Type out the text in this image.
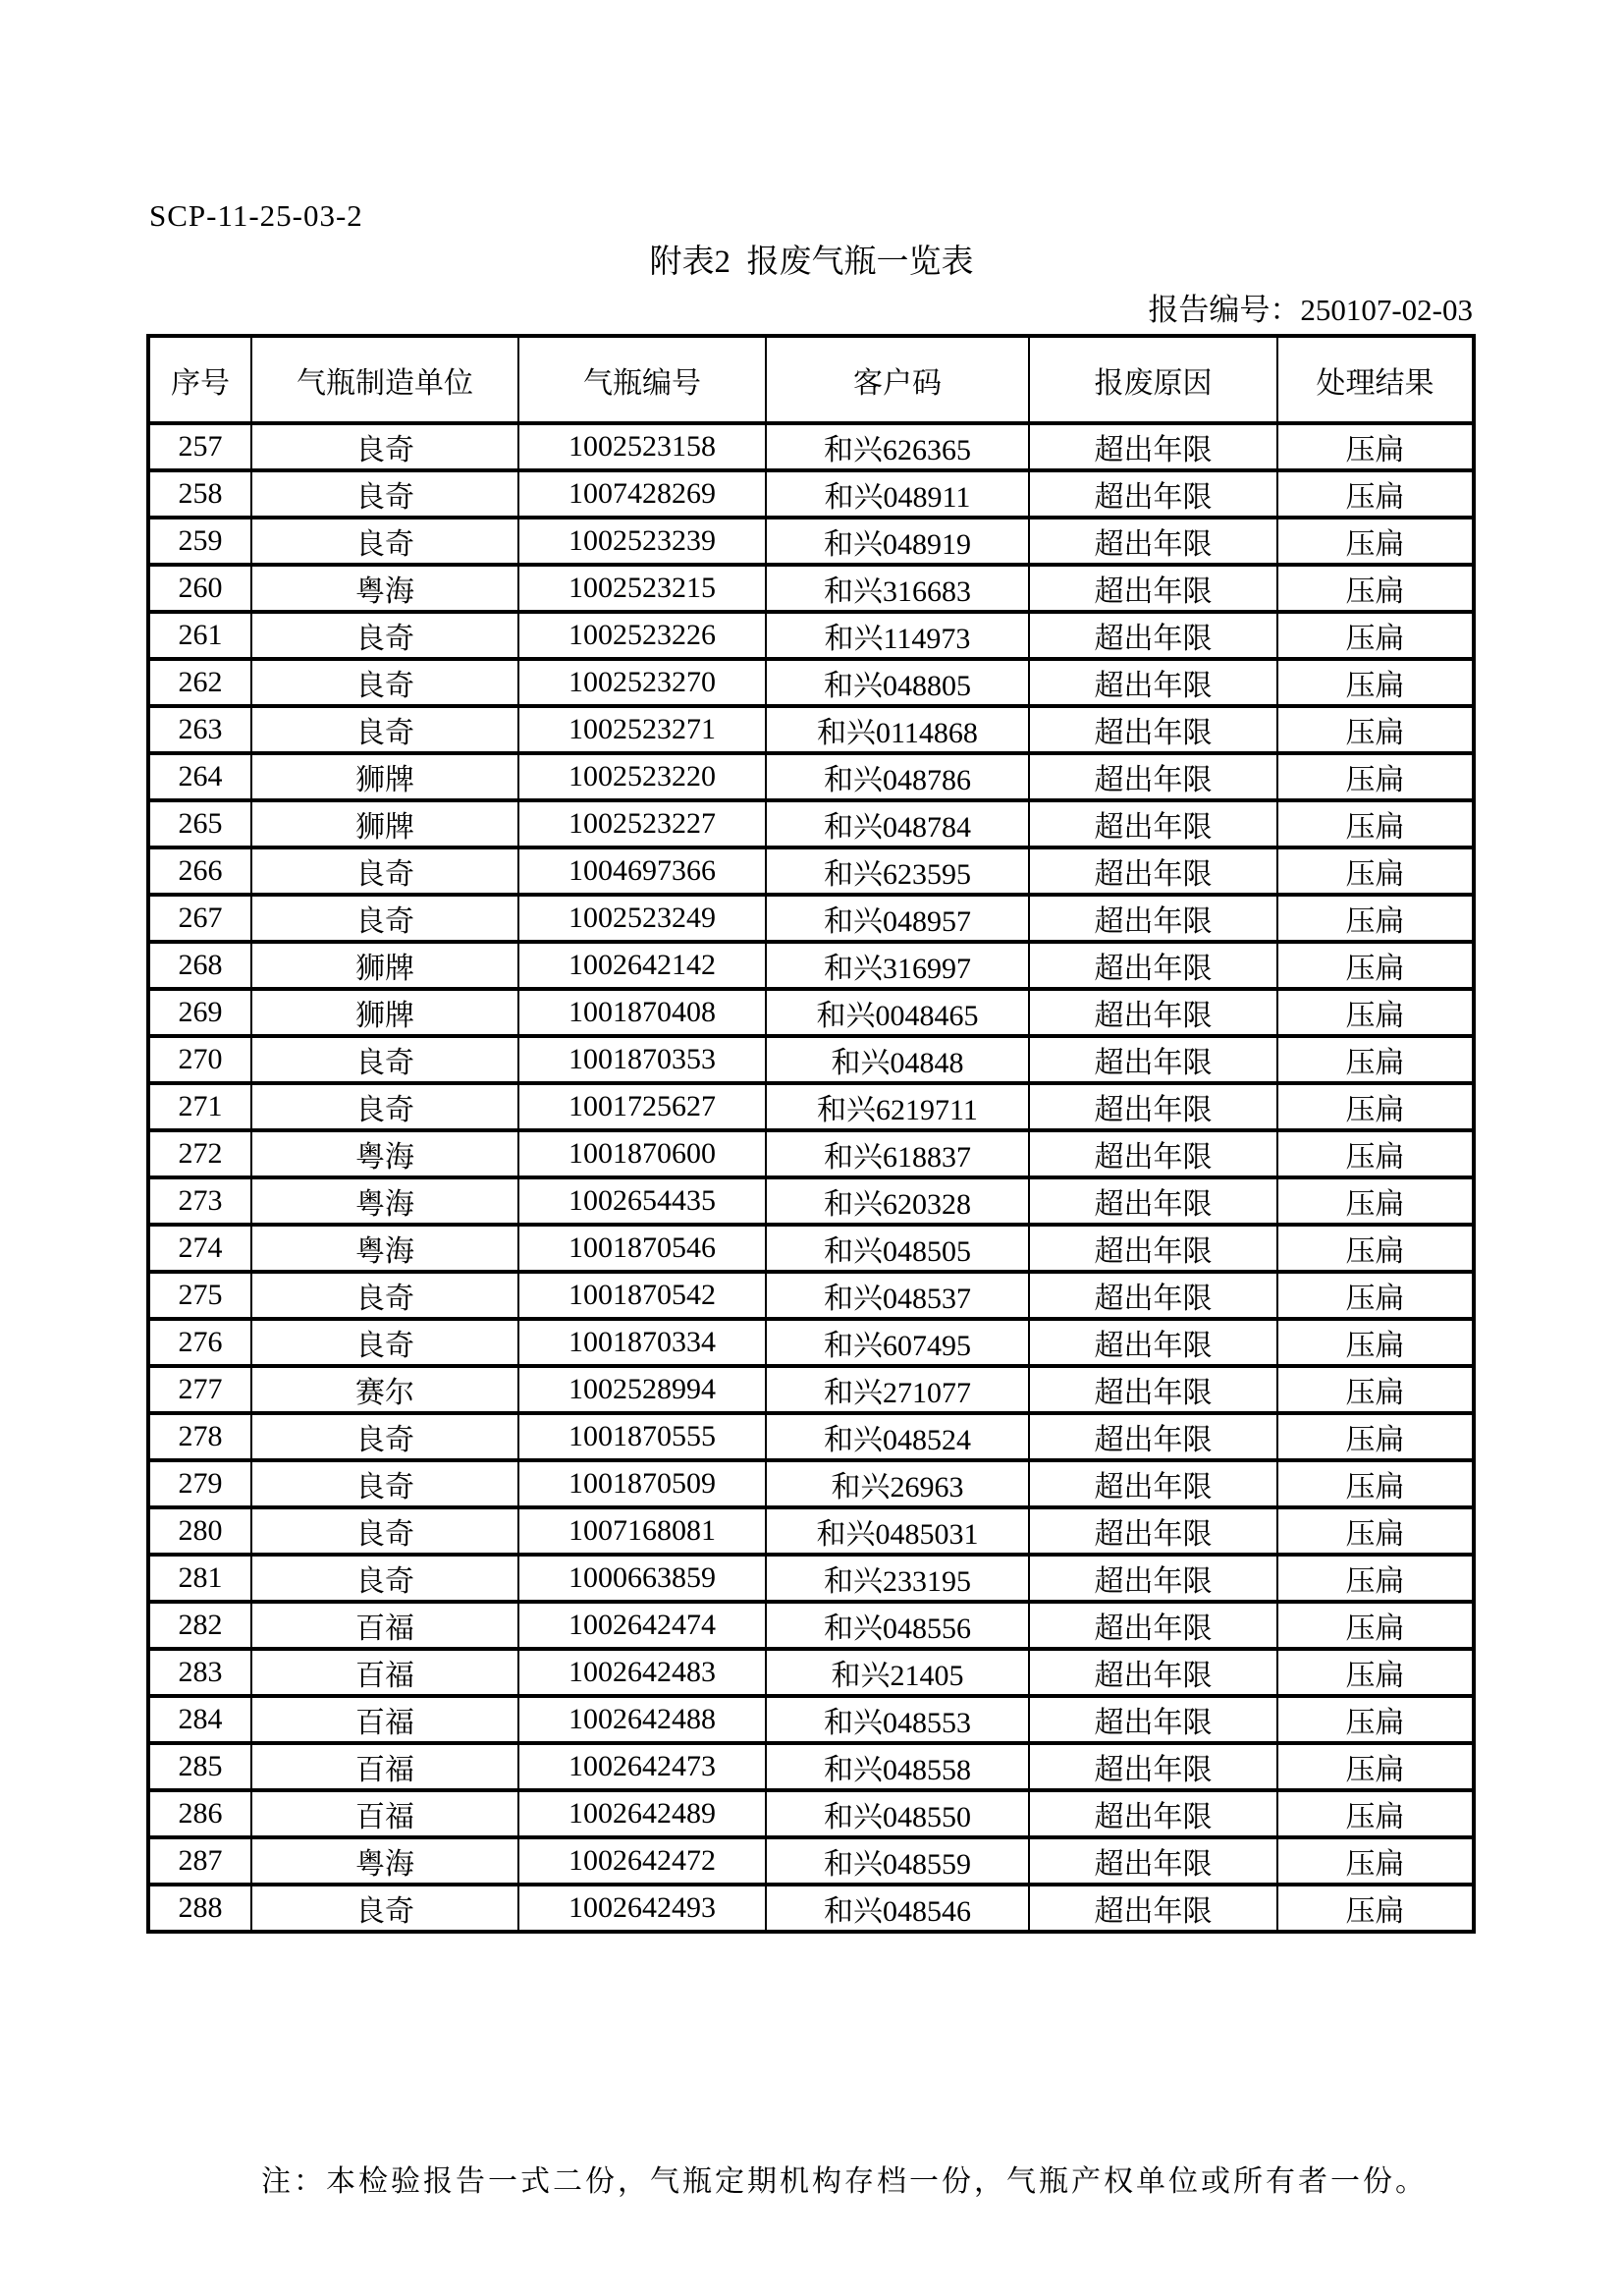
SCP-11-25-03-2
附表2  报废气瓶一览表
报告编号：250107-02-03
序号	气瓶制造单位	气瓶编号	客户码	报废原因	处理结果
257	良奇	1002523158	和兴626365	超出年限	压扁
258	良奇	1007428269	和兴048911	超出年限	压扁
259	良奇	1002523239	和兴048919	超出年限	压扁
260	粤海	1002523215	和兴316683	超出年限	压扁
261	良奇	1002523226	和兴114973	超出年限	压扁
262	良奇	1002523270	和兴048805	超出年限	压扁
263	良奇	1002523271	和兴0114868	超出年限	压扁
264	狮牌	1002523220	和兴048786	超出年限	压扁
265	狮牌	1002523227	和兴048784	超出年限	压扁
266	良奇	1004697366	和兴623595	超出年限	压扁
267	良奇	1002523249	和兴048957	超出年限	压扁
268	狮牌	1002642142	和兴316997	超出年限	压扁
269	狮牌	1001870408	和兴0048465	超出年限	压扁
270	良奇	1001870353	和兴04848	超出年限	压扁
271	良奇	1001725627	和兴6219711	超出年限	压扁
272	粤海	1001870600	和兴618837	超出年限	压扁
273	粤海	1002654435	和兴620328	超出年限	压扁
274	粤海	1001870546	和兴048505	超出年限	压扁
275	良奇	1001870542	和兴048537	超出年限	压扁
276	良奇	1001870334	和兴607495	超出年限	压扁
277	赛尔	1002528994	和兴271077	超出年限	压扁
278	良奇	1001870555	和兴048524	超出年限	压扁
279	良奇	1001870509	和兴26963	超出年限	压扁
280	良奇	1007168081	和兴0485031	超出年限	压扁
281	良奇	1000663859	和兴233195	超出年限	压扁
282	百福	1002642474	和兴048556	超出年限	压扁
283	百福	1002642483	和兴21405	超出年限	压扁
284	百福	1002642488	和兴048553	超出年限	压扁
285	百福	1002642473	和兴048558	超出年限	压扁
286	百福	1002642489	和兴048550	超出年限	压扁
287	粤海	1002642472	和兴048559	超出年限	压扁
288	良奇	1002642493	和兴048546	超出年限	压扁
注：本检验报告一式二份，气瓶定期机构存档一份，气瓶产权单位或所有者一份。
